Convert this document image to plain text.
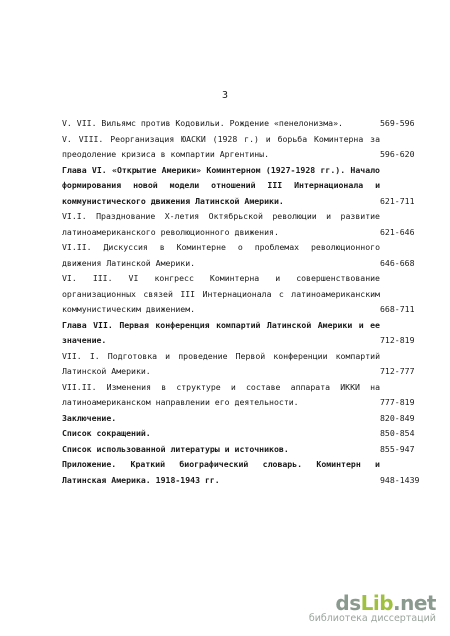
3
V. VII. Вильямс против Кодовильи. Рождение «пенелонизма».	569-596
V. VIII. Реорганизация ЮАСКИ (1928 г.) и борьба Коминтерна за преодоление кризиса в компартии Аргентины.	596-620
Глава VI. «Открытие Америки» Коминтерном (1927-1928 гг.). Начало формирования новой модели отношений III Интернационала и коммунистического движения Латинской Америки.	621-711
VI.I. Празднование Х-летия Октябрьской революции и развитие латиноамериканского революционного движения.	621-646
VI.II. Дискуссия в Коминтерне о проблемах революционного движения Латинской Америки.	646-668
VI. III. VI конгресс Коминтерна и совершенствование организационных связей III Интернационала с латиноамериканским коммунистическим движением.	668-711
Глава VII. Первая конференция компартий Латинской Америки и ее значение.	712-819
VII. I. Подготовка и проведение Первой конференции компартий Латинской Америки.	712-777
VII.II. Изменения в структуре и составе аппарата ИККИ на латиноамериканском направлении его деятельности.	777-819
Заключение.	820-849
Список сокращений.	850-854
Список использованной литературы и источников.	855-947
Приложение. Краткий биографический словарь. Коминтерн и Латинская Америка. 1918-1943 гг.	948-1439
dsLib.net
библиотека диссертаций
